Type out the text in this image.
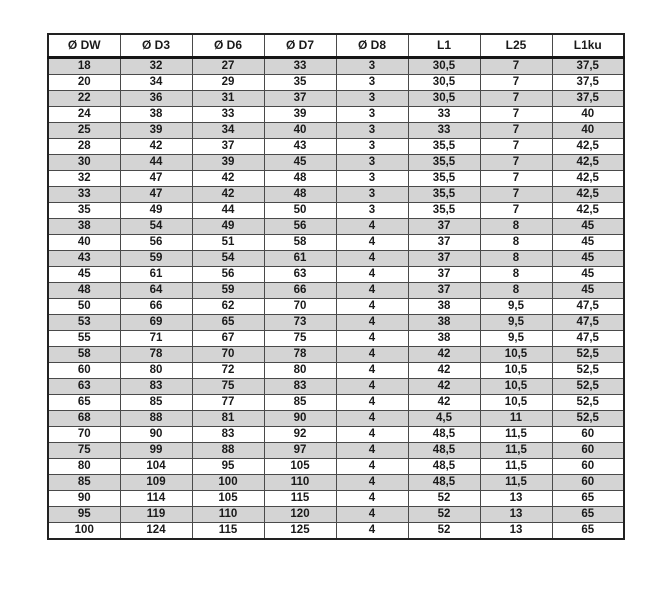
Ø DW	Ø D3	Ø D6	Ø D7	Ø D8	L1	L25	L1ku
18	32	27	33	3	30,5	7	37,5
20	34	29	35	3	30,5	7	37,5
22	36	31	37	3	30,5	7	37,5
24	38	33	39	3	33	7	40
25	39	34	40	3	33	7	40
28	42	37	43	3	35,5	7	42,5
30	44	39	45	3	35,5	7	42,5
32	47	42	48	3	35,5	7	42,5
33	47	42	48	3	35,5	7	42,5
35	49	44	50	3	35,5	7	42,5
38	54	49	56	4	37	8	45
40	56	51	58	4	37	8	45
43	59	54	61	4	37	8	45
45	61	56	63	4	37	8	45
48	64	59	66	4	37	8	45
50	66	62	70	4	38	9,5	47,5
53	69	65	73	4	38	9,5	47,5
55	71	67	75	4	38	9,5	47,5
58	78	70	78	4	42	10,5	52,5
60	80	72	80	4	42	10,5	52,5
63	83	75	83	4	42	10,5	52,5
65	85	77	85	4	42	10,5	52,5
68	88	81	90	4	4,5	11	52,5
70	90	83	92	4	48,5	11,5	60
75	99	88	97	4	48,5	11,5	60
80	104	95	105	4	48,5	11,5	60
85	109	100	110	4	48,5	11,5	60
90	114	105	115	4	52	13	65
95	119	110	120	4	52	13	65
100	124	115	125	4	52	13	65
